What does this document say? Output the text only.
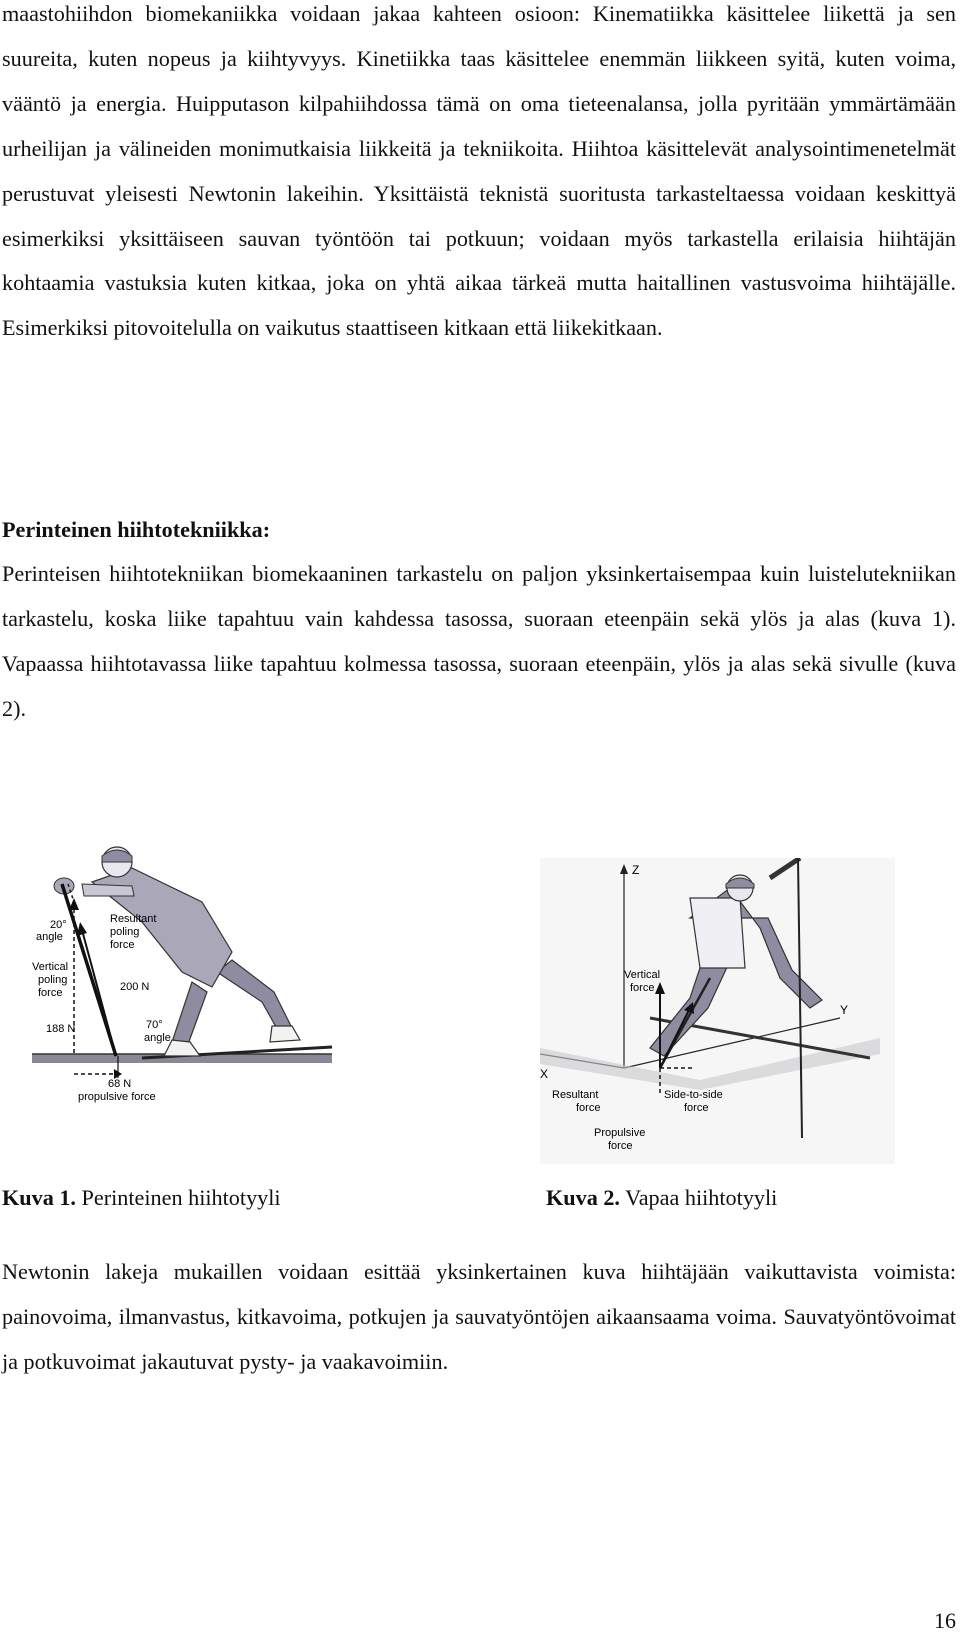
maastohiihdon biomekaniikka voidaan jakaa kahteen osioon: Kinematiikka käsittelee liikettä ja sen suureita, kuten nopeus ja kiihtyvyys. Kinetiikka taas käsittelee enemmän liikkeen syitä, kuten voima, vääntö ja energia. Huipputason kilpahiihdossa tämä on oma tieteenalansa, jolla pyritään ymmärtämään urheilijan ja välineiden monimutkaisia liikkeitä ja tekniikoita. Hiihtoa käsittelevät analysointimenetelmät perustuvat yleisesti Newtonin lakeihin. Yksittäistä teknistä suoritusta tarkasteltaessa voidaan keskittyä esimerkiksi yksittäiseen sauvan työntöön tai potkuun; voidaan myös tarkastella erilaisia hiihtäjän kohtaamia vastuksia kuten kitkaa, joka on yhtä aikaa tärkeä mutta haitallinen vastusvoima hiihtäjälle. Esimerkiksi pitovoitelulla on vaikutus staattiseen kitkaan että liikekitkaan.

Perinteinen hiihtotekniikka:

Perinteisen hiihtotekniikan biomekaaninen tarkastelu on paljon yksinkertaisempaa kuin luistelutekniikan tarkastelu, koska liike tapahtuu vain kahdessa tasossa, suoraan eteenpäin sekä ylös ja alas (kuva 1). Vapaassa hiihtotavassa liike tapahtuu kolmessa tasossa, suoraan eteenpäin, ylös ja alas sekä sivulle (kuva 2).

20°
angle
Resultant
poling
force
Vertical
poling
force	200 N
188 N	70°
angle
68 N
propulsive force
Z
X
Y
Vertical
force
Resultant
force
Side-to-side
force
Propulsive
force

Kuva 1. Perinteinen hiihtotyyli	Kuva 2. Vapaa hiihtotyyli

Newtonin lakeja mukaillen voidaan esittää yksinkertainen kuva hiihtäjään vaikuttavista voimista: painovoima, ilmanvastus, kitkavoima, potkujen ja sauvatyöntöjen aikaansaama voima. Sauvatyöntövoimat ja potkuvoimat jakautuvat pysty- ja vaakavoimiin.

16
